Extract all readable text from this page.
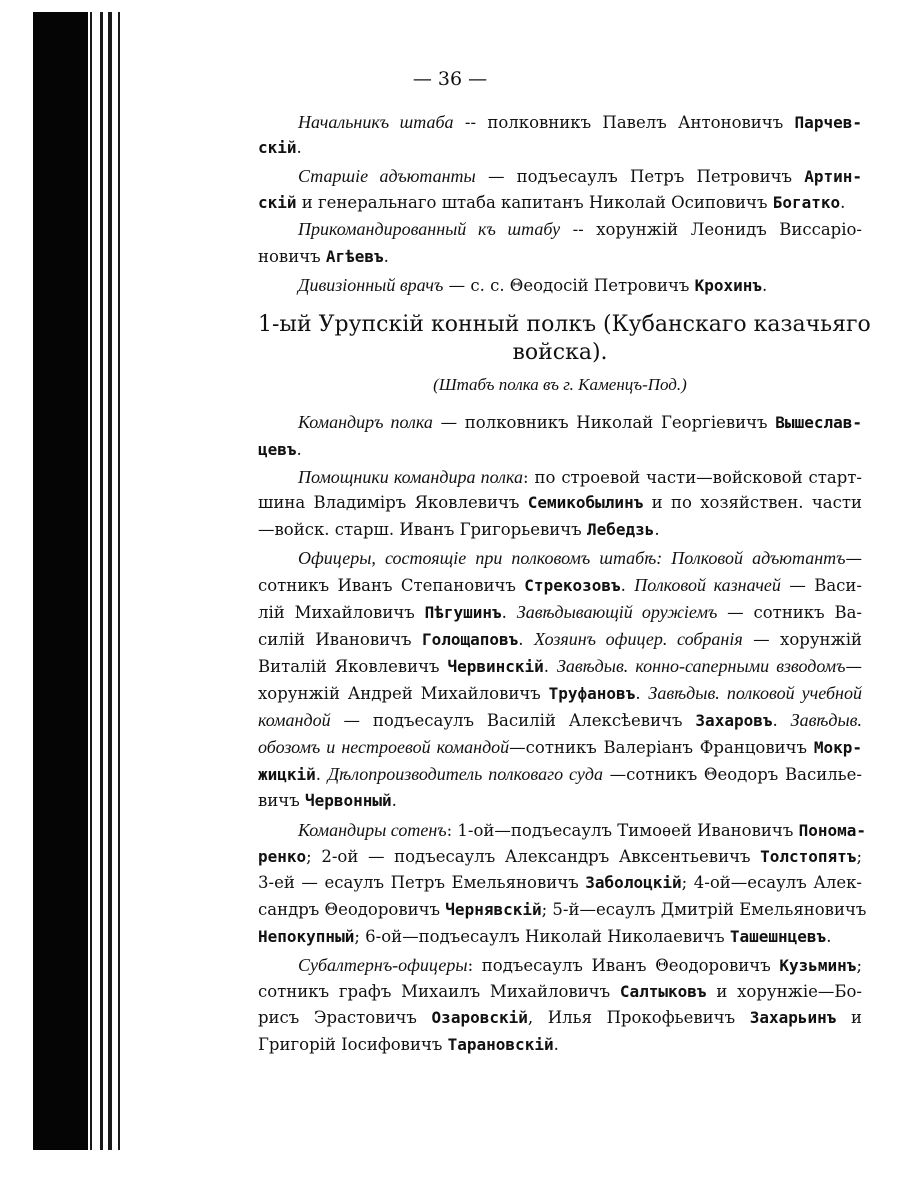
— 36 —
Начальникъ штаба -- полковникъ Павелъ Антоновичъ Парчев-
скій.
Старшіе адъютанты — подъесаулъ Петръ Петровичъ Артин-
скій и генеральнаго штаба капитанъ Николай Осиповичъ Богатко.
Прикомандированный къ штабу -- хорунжій Леонидъ Виссаріо-
новичъ Агѣевъ.
Дивизіонный врачъ — с. с. Θеодосій Петровичъ Крохинъ.
1-ый Урупскій конный полкъ (Кубанскаго казачьяго
войска).
(Штабъ полка въ г. Каменцъ-Под.)
Командиръ полка — полковникъ Николай Георгіевичъ Вышеслав-
цевъ.
Помощники командира полка: по строевой части—войсковой старт-
шина Владиміръ Яковлевичъ Семикобылинъ и по хозяйствен. части
—войск. старш. Иванъ Григорьевичъ Лебедзь.
Офицеры, состоящіе при полковомъ штабѣ: Полковой адъютантъ—
сотникъ Иванъ Степановичъ Стрекозовъ. Полковой казначей — Васи-
лій Михайловичъ Пѣгушинъ. Завѣдывающій оружіемъ — сотникъ Ва-
силій Ивановичъ Голощаповъ. Хозяинъ офицер. собранія — хорунжій
Виталій Яковлевичъ Червинскій. Завѣдыв. конно-саперными взводомъ—
хорунжій Андрей Михайловичъ Труфановъ. Завѣдыв. полковой учебной
командой — подъесаулъ Василій Алексѣевичъ Захаровъ. Завѣдыв.
обозомъ и нестроевой командой—сотникъ Валеріанъ Францовичъ Мокр-
жицкій. Дѣлопроизводитель полковаго суда —сотникъ Θеодоръ Василье-
вичъ Червонный.
Командиры сотенъ: 1-ой—подъесаулъ Тимоѳей Ивановичъ Понома-
ренко; 2-ой — подъесаулъ Александръ Авксентьевичъ Толстопятъ;
3-ей — есаулъ Петръ Емельяновичъ Заболоцкій; 4-ой—есаулъ Алек-
сандръ Θеодоровичъ Чернявскій; 5-й—есаулъ Дмитрій Емельяновичъ
Непокупный; 6-ой—подъесаулъ Николай Николаевичъ Ташешнцевъ.
Субалтернъ-офицеры: подъесаулъ Иванъ Θеодоровичъ Кузьминъ;
сотникъ графъ Михаилъ Михайловичъ Салтыковъ и хорунжіе—Бо-
рисъ Эрастовичъ Озаровскій, Илья Прокофьевичъ Захарьинъ и
Григорій Іосифовичъ Тарановскій.
